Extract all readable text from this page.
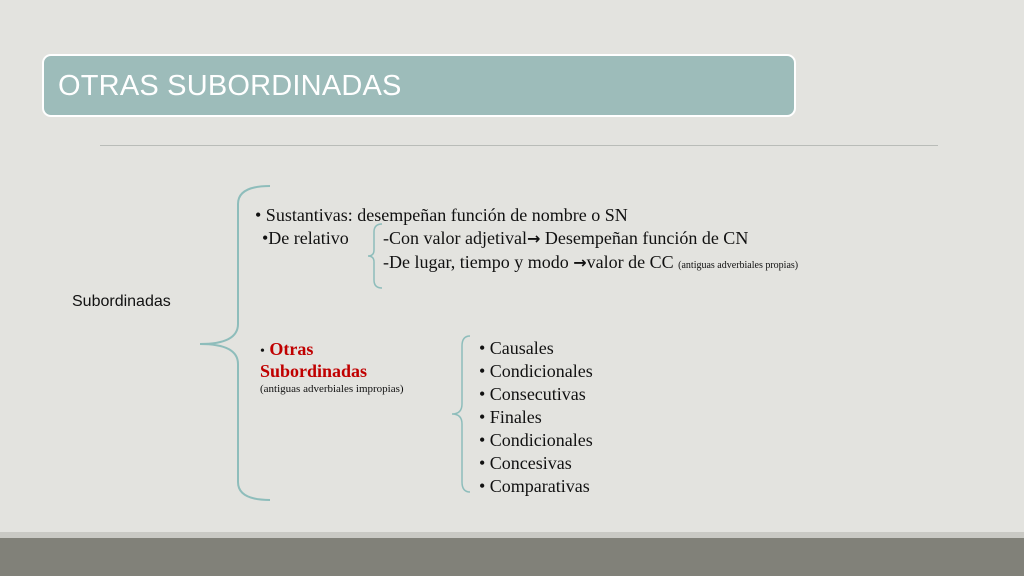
OTRAS SUBORDINADAS
Subordinadas
• Sustantivas: desempeñan función de nombre o SN
•De relativo -Con valor adjetival→ Desempeñan función de CN
-De lugar, tiempo y modo →valor de CC (antiguas adverbiales propias)
• Otras
Subordinadas
(antiguas adverbiales impropias)
• Causales
• Condicionales
• Consecutivas
• Finales
• Condicionales
• Concesivas
• Comparativas
